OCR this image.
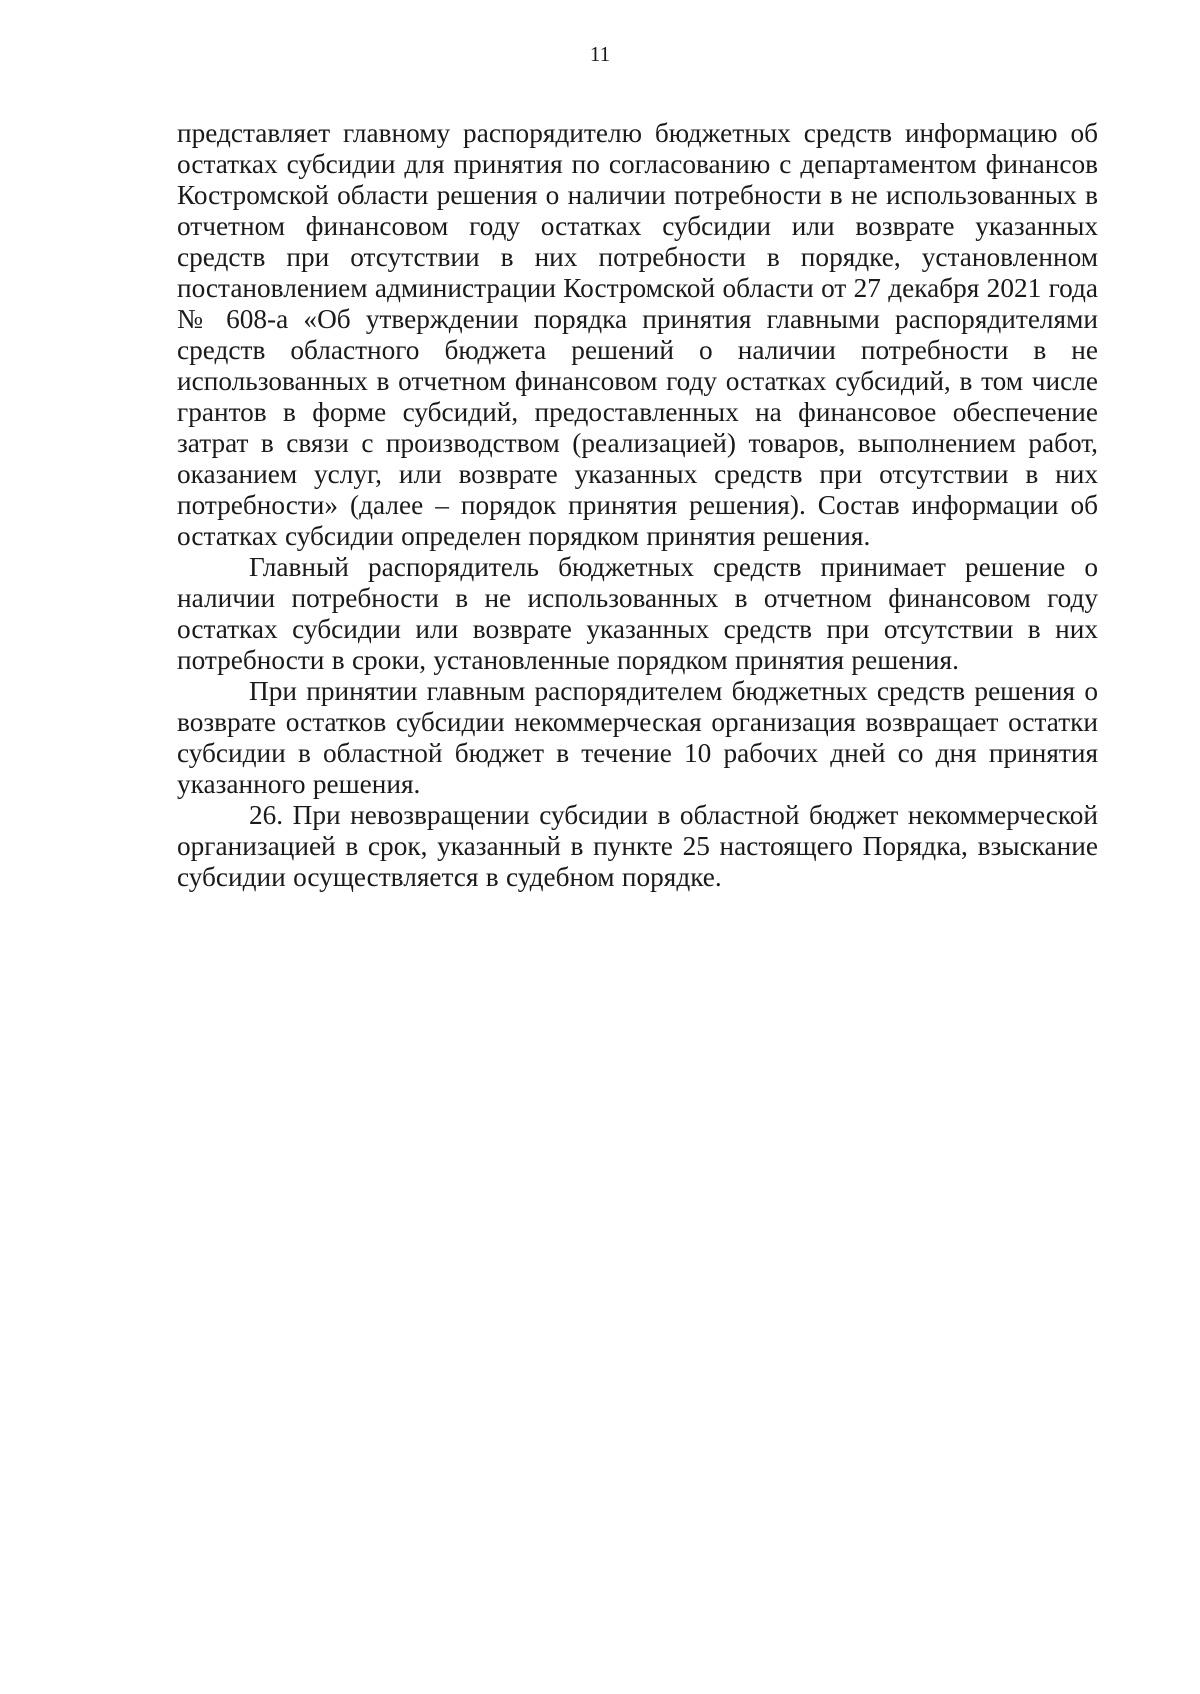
11

представляет главному распорядителю бюджетных средств информацию об остатках субсидии для принятия по согласованию с департаментом финансов Костромской области решения о наличии потребности в не использованных в отчетном финансовом году остатках субсидии или возврате указанных средств при отсутствии в них потребности в порядке, установленном постановлением администрации Костромской области от 27 декабря 2021 года № 608-а «Об утверждении порядка принятия главными распорядителями средств областного бюджета решений о наличии потребности в не использованных в отчетном финансовом году остатках субсидий, в том числе грантов в форме субсидий, предоставленных на финансовое обеспечение затрат в связи с производством (реализацией) товаров, выполнением работ, оказанием услуг, или возврате указанных средств при отсутствии в них потребности» (далее – порядок принятия решения). Состав информации об остатках субсидии определен порядком принятия решения.

Главный распорядитель бюджетных средств принимает решение о наличии потребности в не использованных в отчетном финансовом году остатках субсидии или возврате указанных средств при отсутствии в них потребности в сроки, установленные порядком принятия решения.

При принятии главным распорядителем бюджетных средств решения о возврате остатков субсидии некоммерческая организация возвращает остатки субсидии в областной бюджет в течение 10 рабочих дней со дня принятия указанного решения.

26. При невозвращении субсидии в областной бюджет некоммерческой организацией в срок, указанный в пункте 25 настоящего Порядка, взыскание субсидии осуществляется в судебном порядке.
